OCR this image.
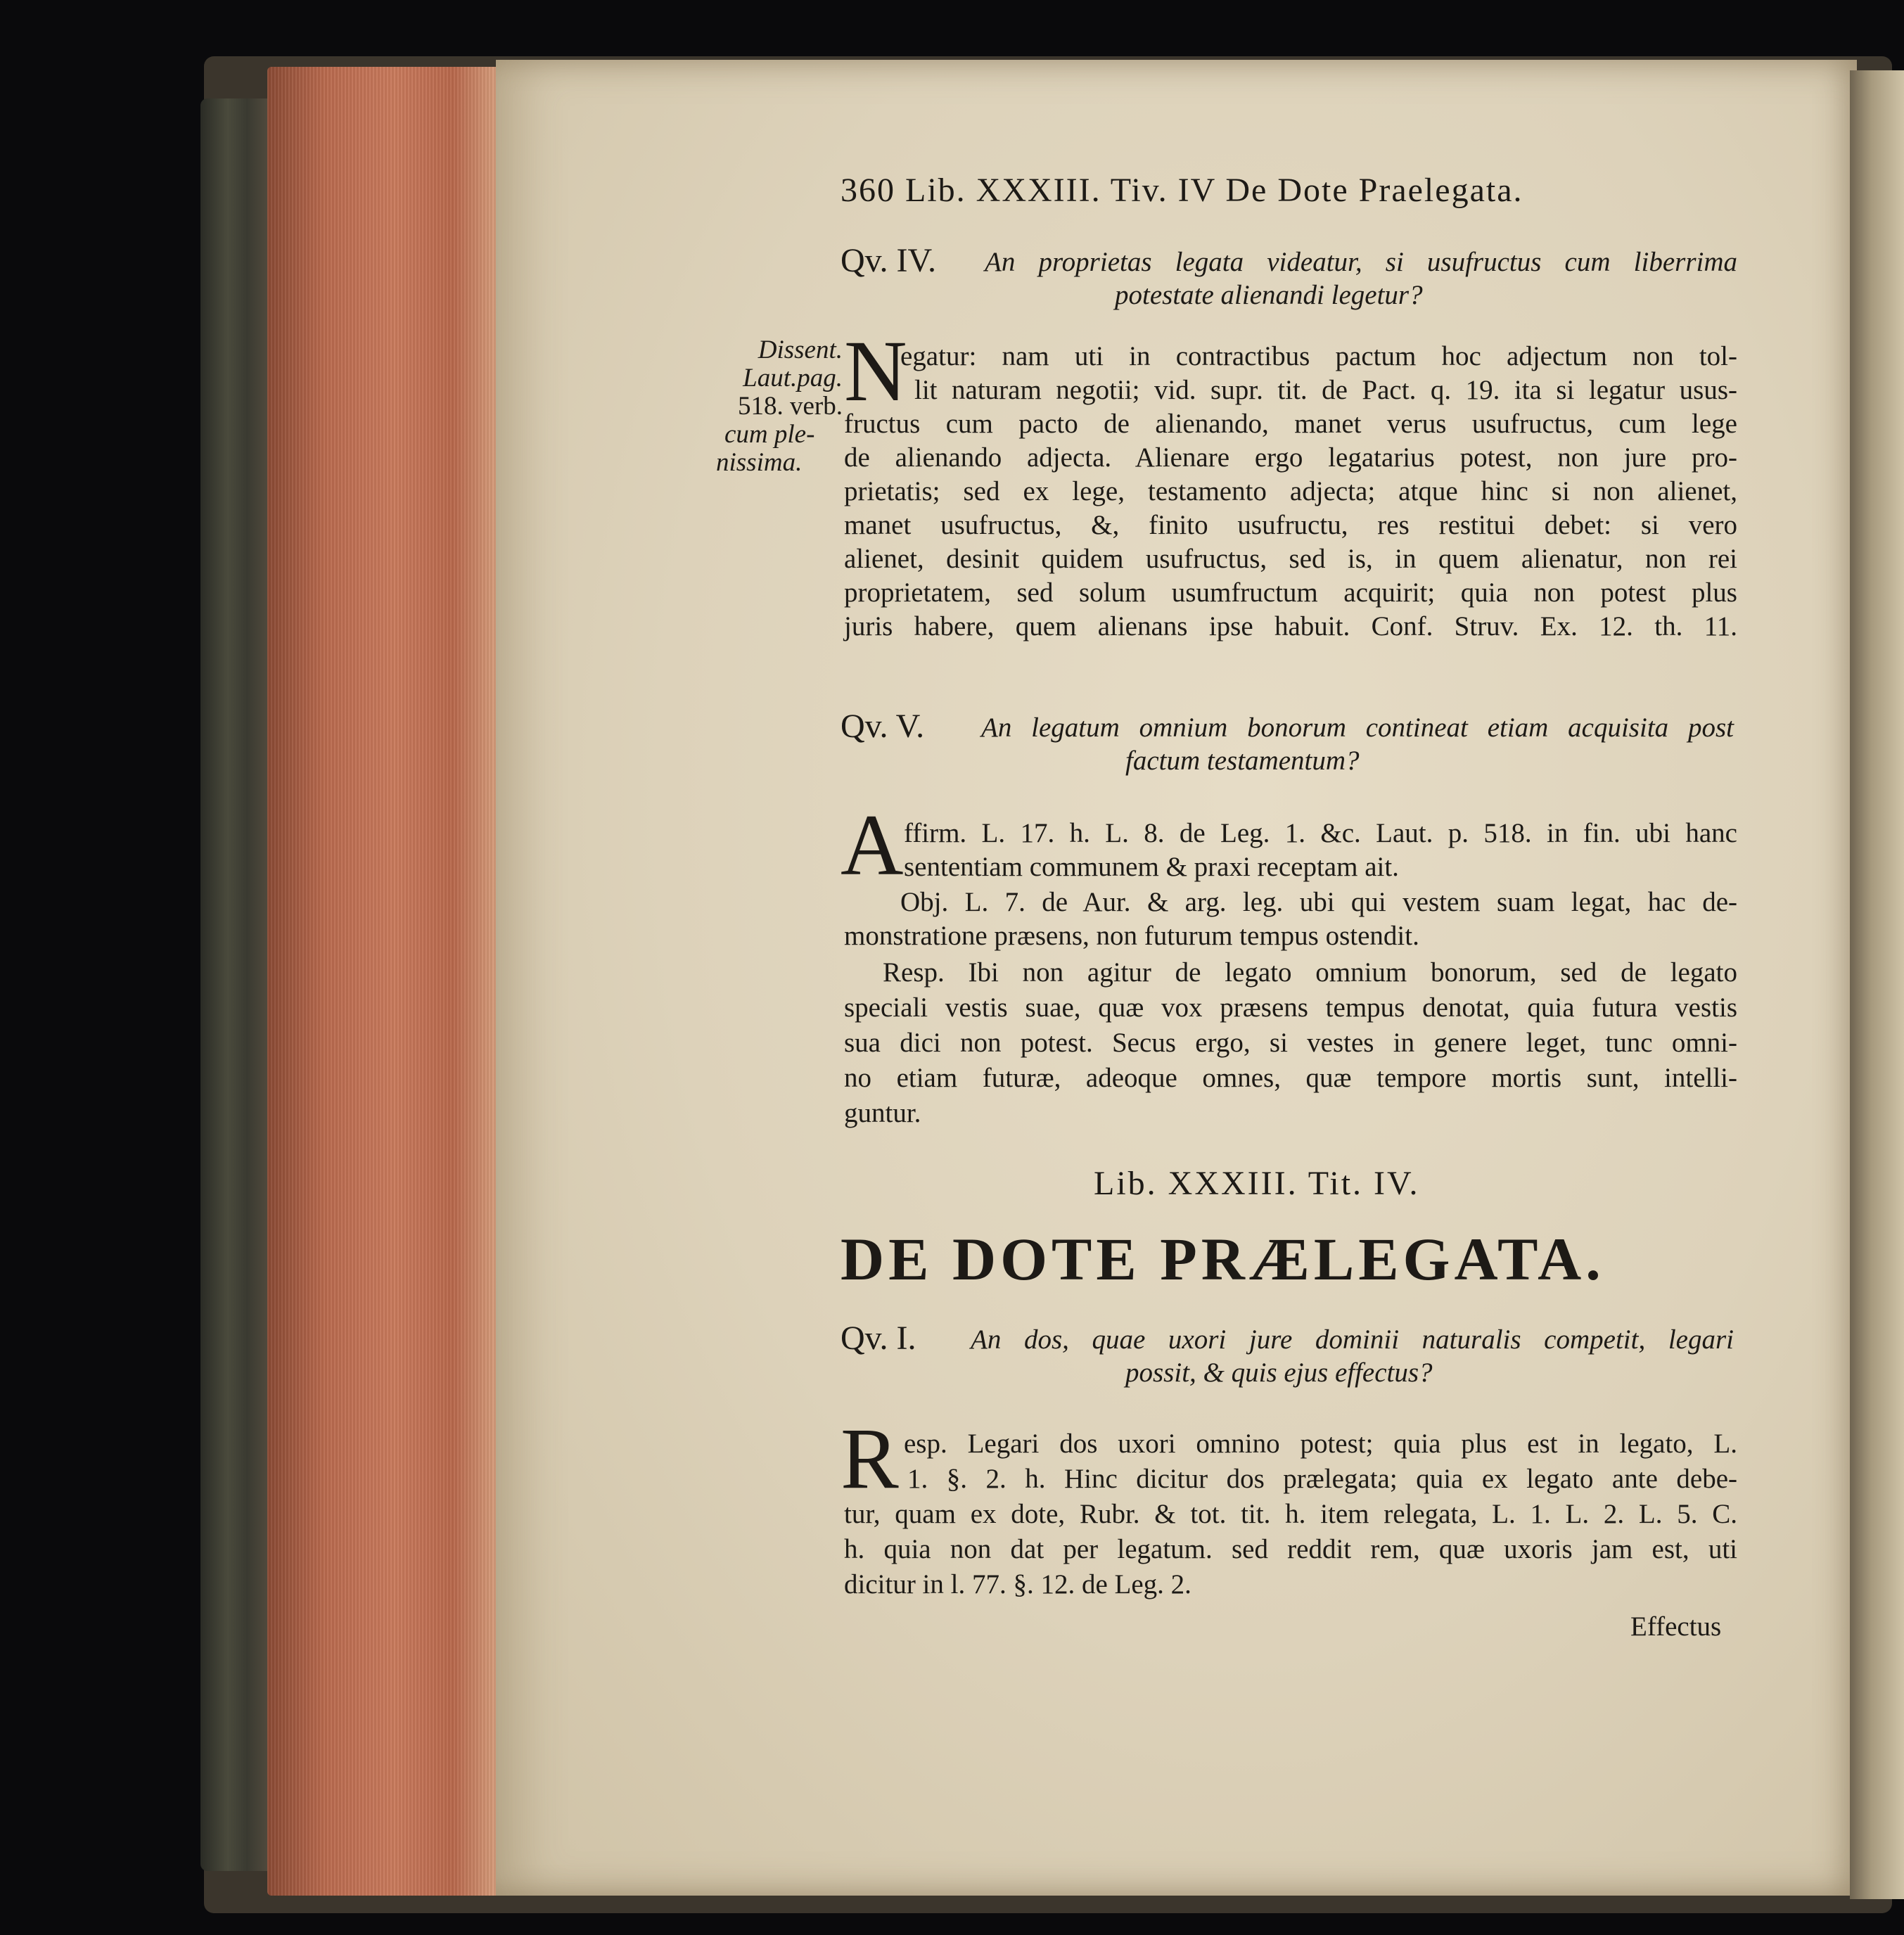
360 Lib. XXXIII. Tiv. IV De Dote Praelegata.
Qv. IV. An proprietas legata videatur, si usufructus cum liberrima
potestate alienandi legetur?
Dissent.
Laut.pag.
518. verb.
cum ple-
nissima.
N
egatur: nam uti in contractibus pactum hoc adjectum non tol-
lit naturam negotii; vid. supr. tit. de Pact. q. 19. ita si legatur usus-
fructus cum pacto de alienando, manet verus usufructus, cum lege
de alienando adjecta. Alienare ergo legatarius potest, non jure pro-
prietatis; sed ex lege, testamento adjecta; atque hinc si non alienet,
manet usufructus, &, finito usufructu, res restitui debet: si vero
alienet, desinit quidem usufructus, sed is, in quem alienatur, non rei
proprietatem, sed solum usumfructum acquirit; quia non potest plus
juris habere, quem alienans ipse habuit. Conf. Struv. Ex. 12. th. 11.
Qv. V. An legatum omnium bonorum contineat etiam acquisita post
factum testamentum?
A ffirm. L. 17. h. L. 8. de Leg. 1. &c. Laut. p. 518. in fin. ubi hanc
sententiam communem & praxi receptam ait.
Obj. L. 7. de Aur. & arg. leg. ubi qui vestem suam legat, hac de-
monstratione præsens, non futurum tempus ostendit.
Resp. Ibi non agitur de legato omnium bonorum, sed de legato
speciali vestis suae, quæ vox præsens tempus denotat, quia futura vestis
sua dici non potest. Secus ergo, si vestes in genere leget, tunc omni-
no etiam futuræ, adeoque omnes, quæ tempore mortis sunt, intelli-
guntur.
Lib. XXXIII. Tit. IV.
DE DOTE PRÆLEGATA.
Qv. I. An dos, quae uxori jure dominii naturalis competit, legari
possit, & quis ejus effectus?
R esp. Legari dos uxori omnino potest; quia plus est in legato, L.
1. §. 2. h. Hinc dicitur dos prælegata; quia ex legato ante debe-
tur, quam ex dote, Rubr. & tot. tit. h. item relegata, L. 1. L. 2. L. 5. C.
h. quia non dat per legatum. sed reddit rem, quæ uxoris jam est, uti
dicitur in l. 77. §. 12. de Leg. 2.
Effectus
